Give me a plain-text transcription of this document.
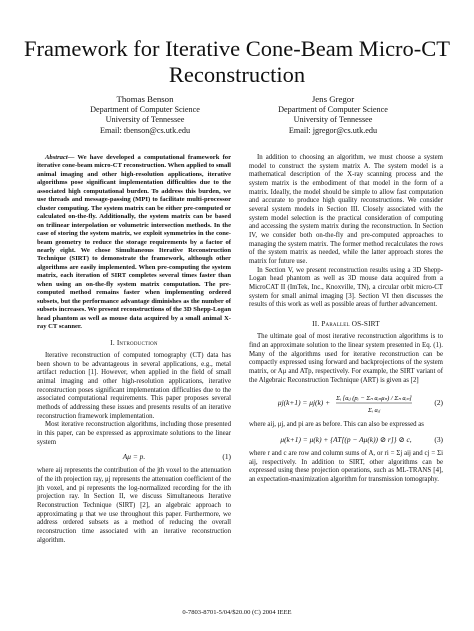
Framework for Iterative Cone-Beam Micro-CT
Reconstruction
Thomas Benson
Department of Computer Science
University of Tennessee
Email: tbenson@cs.utk.edu
Jens Gregor
Department of Computer Science
University of Tennessee
Email: jgregor@cs.utk.edu

Abstract— We have developed a computational framework for iterative cone-beam micro-CT reconstruction. When applied to small animal imaging and other high-resolution applications, iterative algorithms pose significant implementation difficulties due to the associated high computational burden. To address this burden, we use threads and message-passing (MPI) to facilitate multi-processor cluster computing. The system matrix can be either pre-computed or calculated on-the-fly. Additionally, the system matrix can be based on trilinear interpolation or volumetric intersection methods. In the case of storing the system matrix, we exploit symmetries in the cone-beam geometry to reduce the storage requirements by a factor of nearly eight. We chose Simultaneous Iterative Reconstruction Technique (SIRT) to demonstrate the framework, although other algorithms are easily implemented. When pre-computing the system matrix, each iteration of SIRT completes several times faster than when using an on-the-fly system matrix computation. The pre-computed method remains faster when implementing ordered subsets, but the performance advantage diminishes as the number of subsets increases. We present reconstructions of the 3D Shepp-Logan head phantom as well as mouse data acquired by a small animal X-ray CT scanner.

I. Introduction

Iterative reconstruction of computed tomography (CT) data has been shown to be advantageous in several applications, e.g., metal artifact reduction [1]. However, when applied in the field of small animal imaging and other high-resolution applications, iterative reconstruction poses significant implementation difficulties due to the associated computational requirements. This paper proposes several methods of addressing these issues and presents results of an iterative reconstruction framework implementation.

Most iterative reconstruction algorithms, including those presented in this paper, can be expressed as approximate solutions to the linear system

Aμ = p.	(1)

where aij represents the contribution of the jth voxel to the attenuation of the ith projection ray, μj represents the attenuation coefficient of the jth voxel, and pi represents the log-normalized recording for the ith projection ray. In Section II, we discuss Simultaneous Iterative Reconstruction Technique (SIRT) [2], an algebraic approach to approximating μ that we use throughout this paper. Furthermore, we address ordered subsets as a method of reducing the overall reconstruction time associated with an iterative reconstruction algorithm.

In addition to choosing an algorithm, we must choose a system model to construct the system matrix A. The system model is a mathematical description of the X-ray scanning process and the system matrix is the embodiment of that model in the form of a matrix. Ideally, the model should be simple to allow fast computation and accurate to produce high quality reconstructions. We consider several system models in Section III. Closely associated with the system model selection is the practical consideration of computing and accessing the system matrix during the reconstruction. In Section IV, we consider both on-the-fly and pre-computed approaches to managing the system matrix. The former method recalculates the rows of the system matrix as needed, while the latter approach stores the matrix for future use.

In Section V, we present reconstruction results using a 3D Shepp-Logan head phantom as well as 3D mouse data acquired from a MicroCAT II (ImTek, Inc., Knoxville, TN), a circular orbit micro-CT system for small animal imaging [3]. Section VI then discusses the results of this work as well as possible areas of further advancement.

II. Parallel OS-SIRT

The ultimate goal of most iterative reconstruction algorithms is to find an approximate solution to the linear system presented in Eq. (1). Many of the algorithms used for iterative reconstruction can be compactly expressed using forward and backprojections of the system matrix, or Aμ and ATp, respectively. For example, the SIRT variant of the Algebraic Reconstruction Technique (ART) is given as [2]

μj(k+1) = μj(k) + Σᵢ [aᵢⱼ (pᵢ − Σₙ aᵢₙμₙ) / Σₙ aᵢₙ]
Σᵢ aᵢⱼ
(2)

where aij, μj, and pi are as before. This can also be expressed as

μ(k+1) = μ(k) + {AT[(p − Aμ(k)) ⊘ r]} ⊘ c,	(3)

where r and c are row and column sums of A, or ri = Σj aij and cj = Σi aij, respectively. In addition to SIRT, other algorithms can be expressed using these projection operations, such as ML-TRANS [4], an expectation-maximization algorithm for transmission tomography.

0-7803-8701-5/04/$20.00 (C) 2004 IEEE
